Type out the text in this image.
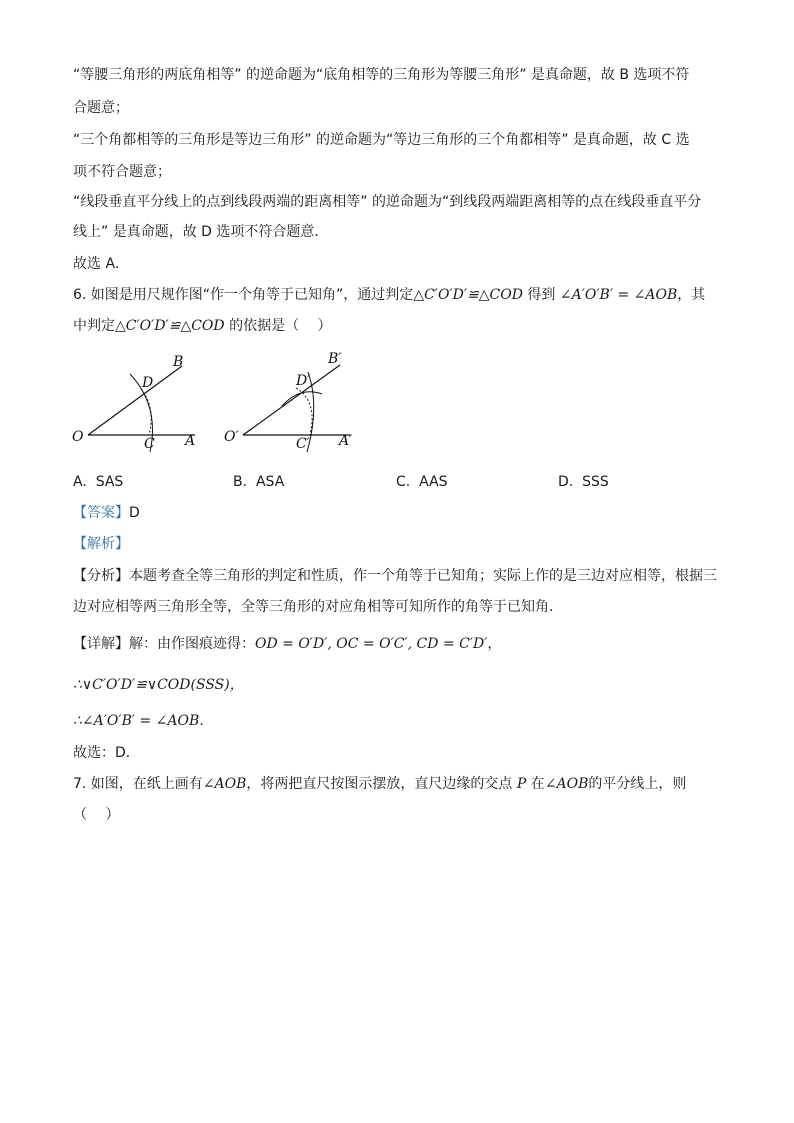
“等腰三角形的两底角相等” 的逆命题为“底角相等的三角形为等腰三角形” 是真命题，故 B 选项不符
合题意；
“三个角都相等的三角形是等边三角形” 的逆命题为“等边三角形的三个角都相等” 是真命题，故 C 选
项不符合题意；
“线段垂直平分线上的点到线段两端的距离相等” 的逆命题为“到线段两端距离相等的点在线段垂直平分
线上” 是真命题，故 D 选项不符合题意．
故选 A．
6. 如图是用尺规作图“作一个角等于已知角”，通过判定△C′O′D′≌△COD 得到 ∠A′O′B′ = ∠AOB，其
中判定△C′O′D′≌△COD 的依据是（　 ）
O	A
B
C
D
O′	A′
B′
C′
D′
A. SAS	B. ASA	C. AAS	D. SSS
【答案】D
【解析】
【分析】本题考查全等三角形的判定和性质，作一个角等于已知角；实际上作的是三边对应相等，根据三
边对应相等两三角形全等，全等三角形的对应角相等可知所作的角等于已知角．
【详解】解：由作图痕迹得：OD = O′D′, OC = O′C′, CD = C′D′，
∴∨C′O′D′≌∨COD(SSS)，
∴∠A′O′B′ = ∠AOB．
故选：D．
7. 如图，在纸上画有∠AOB，将两把直尺按图示摆放，直尺边缘的交点 P 在∠AOB的平分线上，则
（　 ）
